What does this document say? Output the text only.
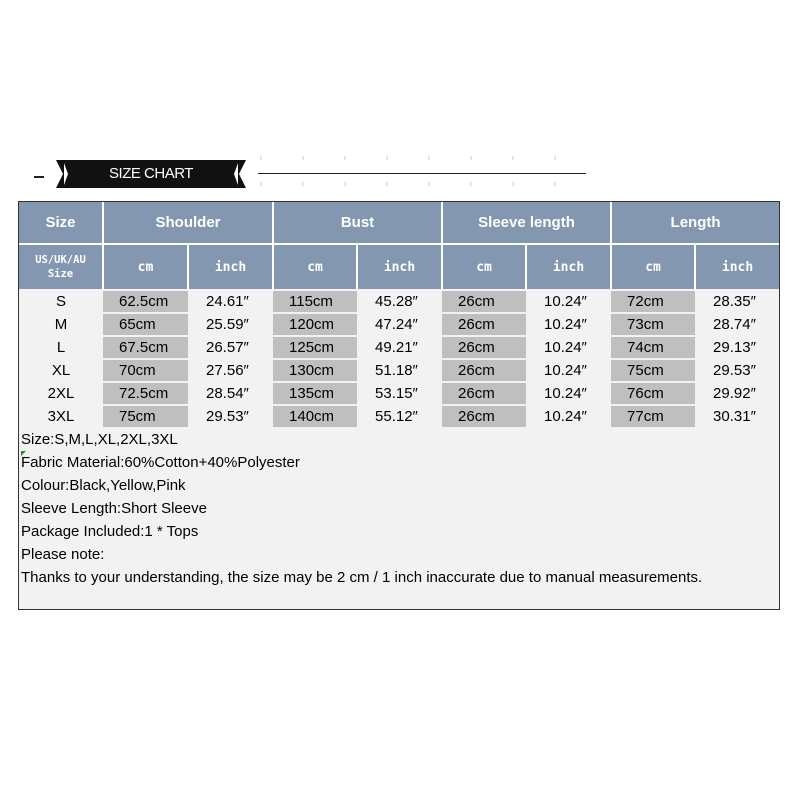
SIZE CHART
Size	Shoulder		Bust		Sleeve length		Length	
US/UK/AU
Size	cm	inch	cm	inch	cm	inch	cm	inch
S	62.5cm	24.61″	115cm	45.28″	26cm	10.24″	72cm	28.35″
M	65cm	25.59″	120cm	47.24″	26cm	10.24″	73cm	28.74″
L	67.5cm	26.57″	125cm	49.21″	26cm	10.24″	74cm	29.13″
XL	70cm	27.56″	130cm	51.18″	26cm	10.24″	75cm	29.53″
2XL	72.5cm	28.54″	135cm	53.15″	26cm	10.24″	76cm	29.92″
3XL	75cm	29.53″	140cm	55.12″	26cm	10.24″	77cm	30.31″
Size:S,M,L,XL,2XL,3XL
Fabric Material:60%Cotton+40%Polyester
Colour:Black,Yellow,Pink
Sleeve Length:Short Sleeve
Package Included:1 * Tops
Please note:
Thanks to your understanding, the size may be 2 cm / 1 inch inaccurate due to manual measurements.
